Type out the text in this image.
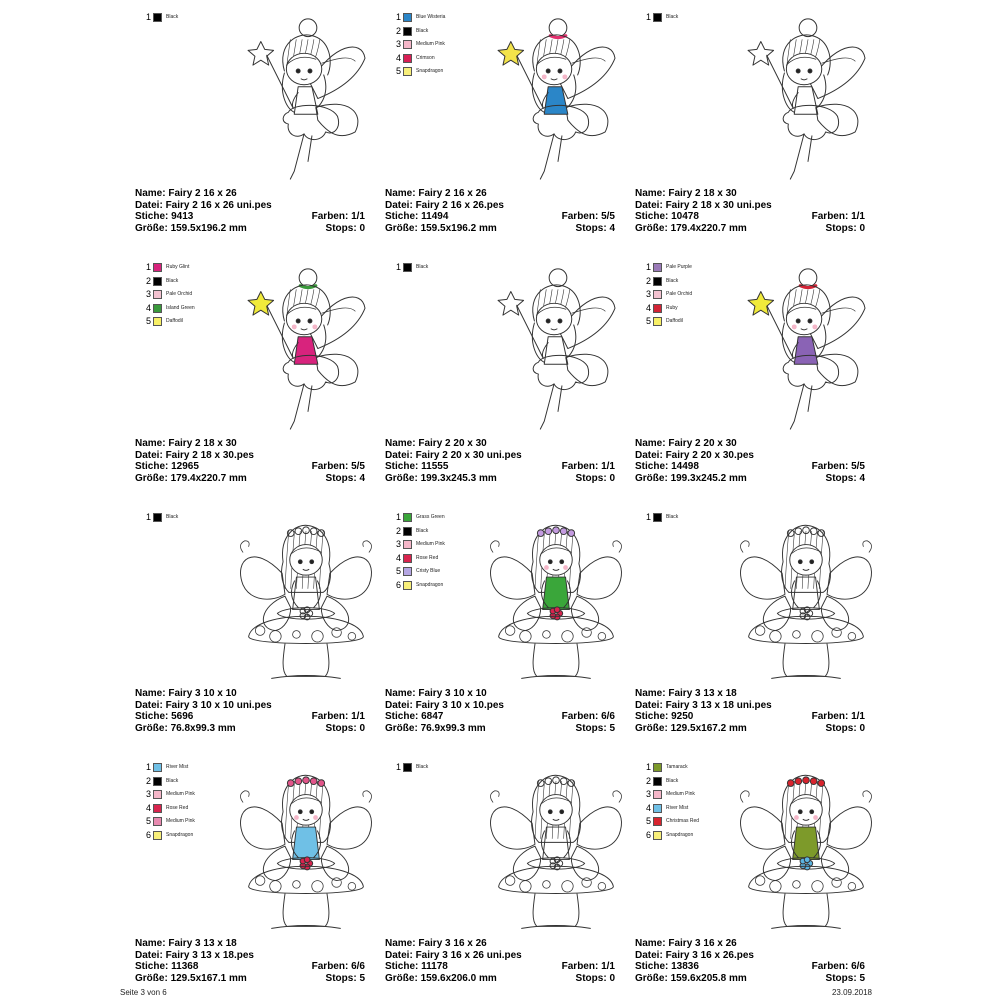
1	Black
Name: Fairy 2 16 x 26
Datei: Fairy 2 16 x 26 uni.pes
Stiche: 9413	Farben: 1/1
Größe: 159.5x196.2 mm	Stops: 0
1	Blue Wisteria
2	Black
3	Medium Pink
4	Crimson
5	Snapdragon
Name: Fairy 2 16 x 26
Datei: Fairy 2 16 x 26.pes
Stiche: 11494	Farben: 5/5
Größe: 159.5x196.2 mm	Stops: 4
1	Black
Name: Fairy 2 18 x 30
Datei: Fairy 2 18 x 30 uni.pes
Stiche: 10478	Farben: 1/1
Größe: 179.4x220.7 mm	Stops: 0
1	Ruby Glint
2	Black
3	Pale Orchid
4	Island Green
5	Daffodil
Name: Fairy 2 18 x 30
Datei: Fairy 2 18 x 30.pes
Stiche: 12965	Farben: 5/5
Größe: 179.4x220.7 mm	Stops: 4
1	Black
Name: Fairy 2 20 x 30
Datei: Fairy 2 20 x 30 uni.pes
Stiche: 11555	Farben: 1/1
Größe: 199.3x245.3 mm	Stops: 0
1	Pale Purple
2	Black
3	Pale Orchid
4	Ruby
5	Daffodil
Name: Fairy 2 20 x 30
Datei: Fairy 2 20 x 30.pes
Stiche: 14498	Farben: 5/5
Größe: 199.3x245.2 mm	Stops: 4
1	Black
Name: Fairy 3 10 x 10
Datei: Fairy 3 10 x 10 uni.pes
Stiche: 5696	Farben: 1/1
Größe: 76.8x99.3 mm	Stops: 0
1	Grass Green
2	Black
3	Medium Pink
4	Rose Red
5	Cristy Blue
6	Snapdragon
Name: Fairy 3 10 x 10
Datei: Fairy 3 10 x 10.pes
Stiche: 6847	Farben: 6/6
Größe: 76.9x99.3 mm	Stops: 5
1	Black
Name: Fairy 3 13 x 18
Datei: Fairy 3 13 x 18 uni.pes
Stiche: 9250	Farben: 1/1
Größe: 129.5x167.2 mm	Stops: 0
1	River Mist
2	Black
3	Medium Pink
4	Rose Red
5	Medium Pink
6	Snapdragon
Name: Fairy 3 13 x 18
Datei: Fairy 3 13 x 18.pes
Stiche: 11368	Farben: 6/6
Größe: 129.5x167.1 mm	Stops: 5
1	Black
Name: Fairy 3 16 x 26
Datei: Fairy 3 16 x 26 uni.pes
Stiche: 11178	Farben: 1/1
Größe: 159.6x206.0 mm	Stops: 0
1	Tamarack
2	Black
3	Medium Pink
4	River Mist
5	Christmas Red
6	Snapdragon
Name: Fairy 3 16 x 26
Datei: Fairy 3 16 x 26.pes
Stiche: 13836	Farben: 6/6
Größe: 159.6x205.8 mm	Stops: 5
Seite 3 von 6	23.09.2018
